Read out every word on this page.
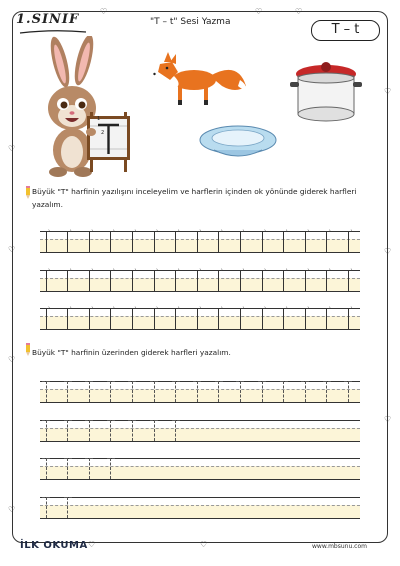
♡
♡
♡
♡
♡
♡
♡
♡	♡	♡
♡	♡
1.SINIF	"T – t" Sesi Yazma	T – t
1
2
Büyük "T" harfinin yazılışını inceleyelim ve harflerin içinden ok yönünde giderek harfleri yazalım.
›	›	›	›	›	›	›	›	›	›	›	›	›	›	›
›	›	›	›	›	›	›	›	›	›	›	›	›	›	›
›	›	›	›	›	›	›	›	›	›	›	›	›	›	›
Büyük "T" harfinin üzerinden giderek harfleri yazalım.
İLK OKUMA	www.mbsunu.com
